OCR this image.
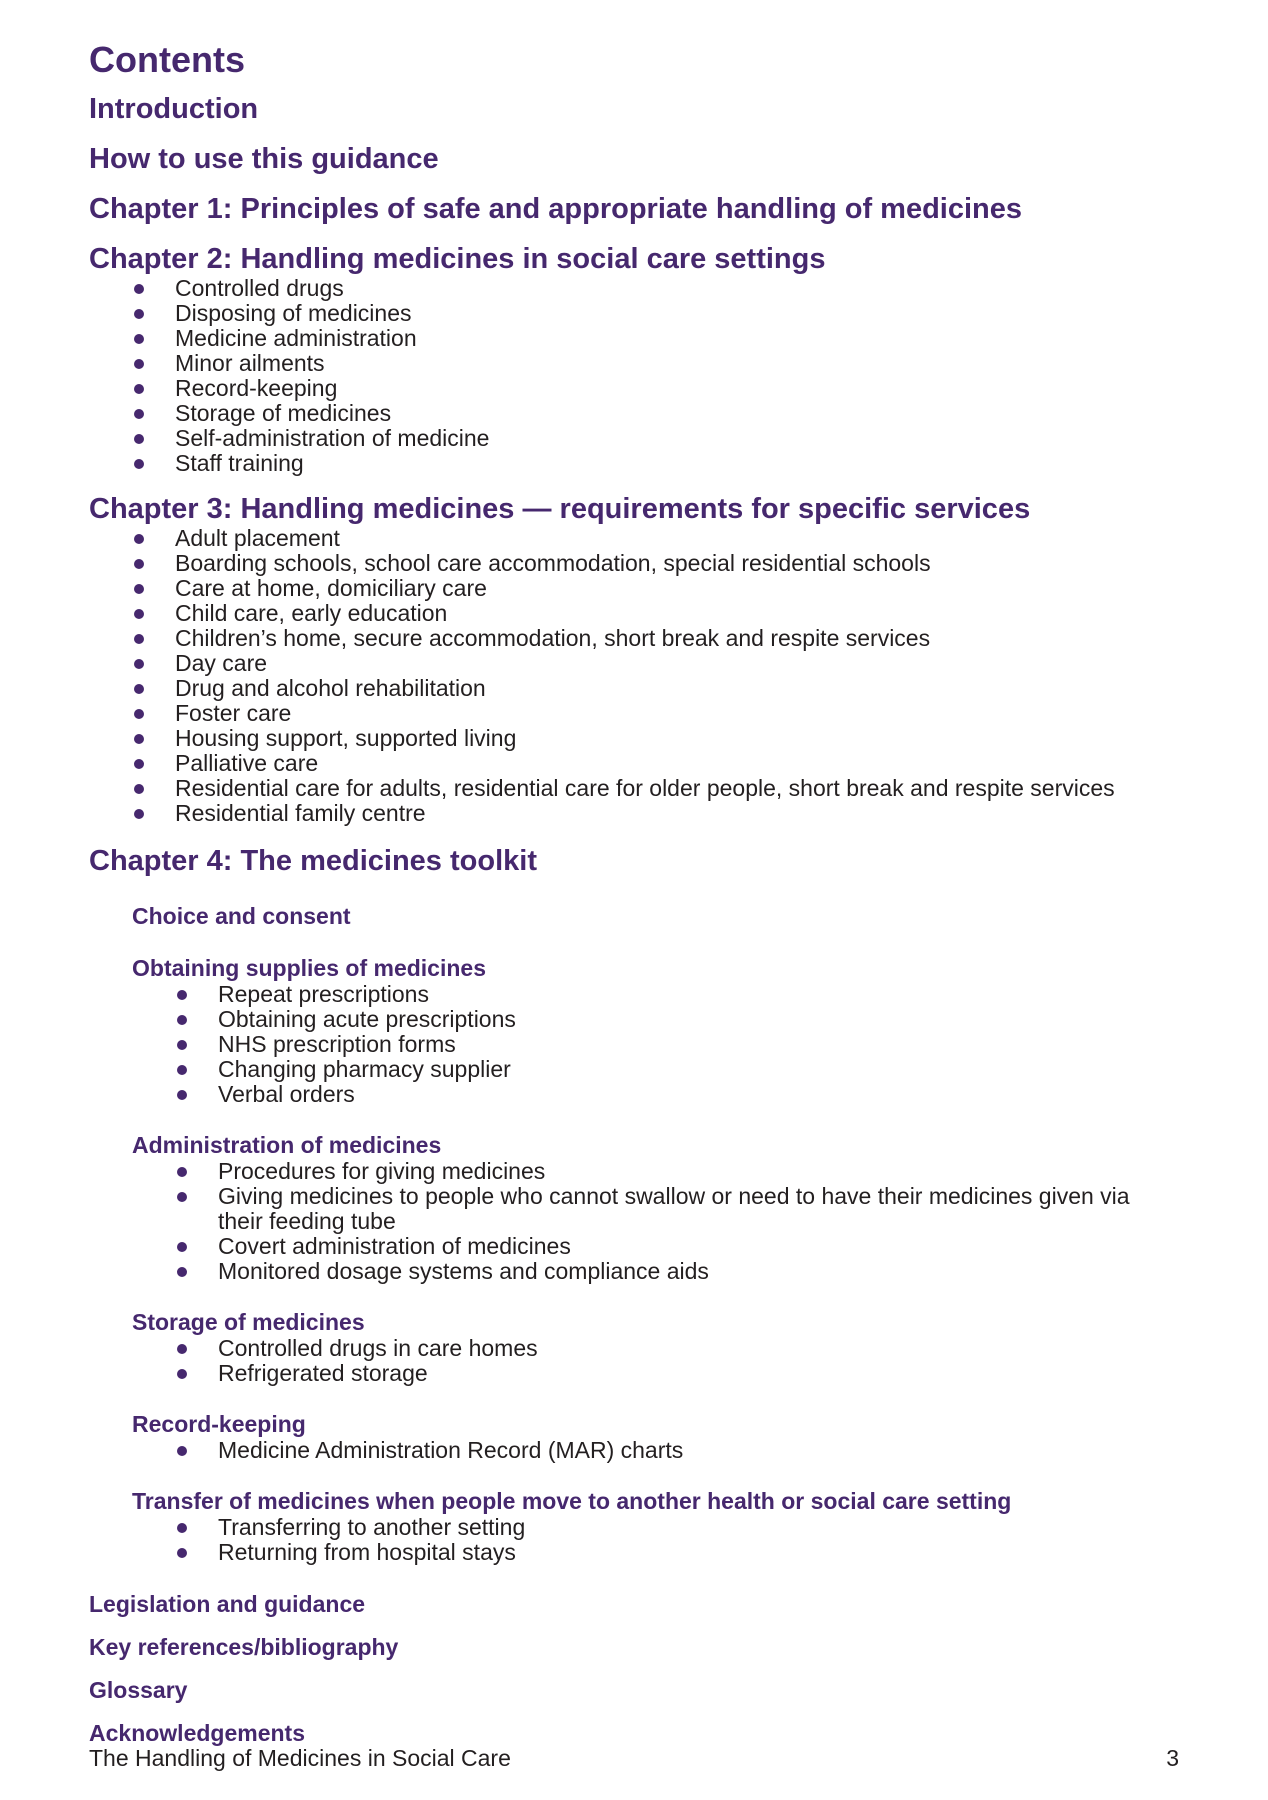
Contents
Introduction
How to use this guidance
Chapter 1: Principles of safe and appropriate handling of medicines
Chapter 2: Handling medicines in social care settings
Controlled drugs
Disposing of medicines
Medicine administration
Minor ailments
Record-keeping
Storage of medicines
Self-administration of medicine
Staff training
Chapter 3: Handling medicines — requirements for specific services
Adult placement
Boarding schools, school care accommodation, special residential schools
Care at home, domiciliary care
Child care, early education
Children’s home, secure accommodation, short break and respite services
Day care
Drug and alcohol rehabilitation
Foster care
Housing support, supported living
Palliative care
Residential care for adults, residential care for older people, short break and respite services
Residential family centre
Chapter 4: The medicines toolkit
Choice and consent
Obtaining supplies of medicines
Repeat prescriptions
Obtaining acute prescriptions
NHS prescription forms
Changing pharmacy supplier
Verbal orders
Administration of medicines
Procedures for giving medicines
Giving medicines to people who cannot swallow or need to have their medicines given via their feeding tube
Covert administration of medicines
Monitored dosage systems and compliance aids
Storage of medicines
Controlled drugs in care homes
Refrigerated storage
Record-keeping
Medicine Administration Record (MAR) charts
Transfer of medicines when people move to another health or social care setting
Transferring to another setting
Returning from hospital stays
Legislation and guidance
Key references/bibliography
Glossary
Acknowledgements
The Handling of Medicines in Social Care	3
